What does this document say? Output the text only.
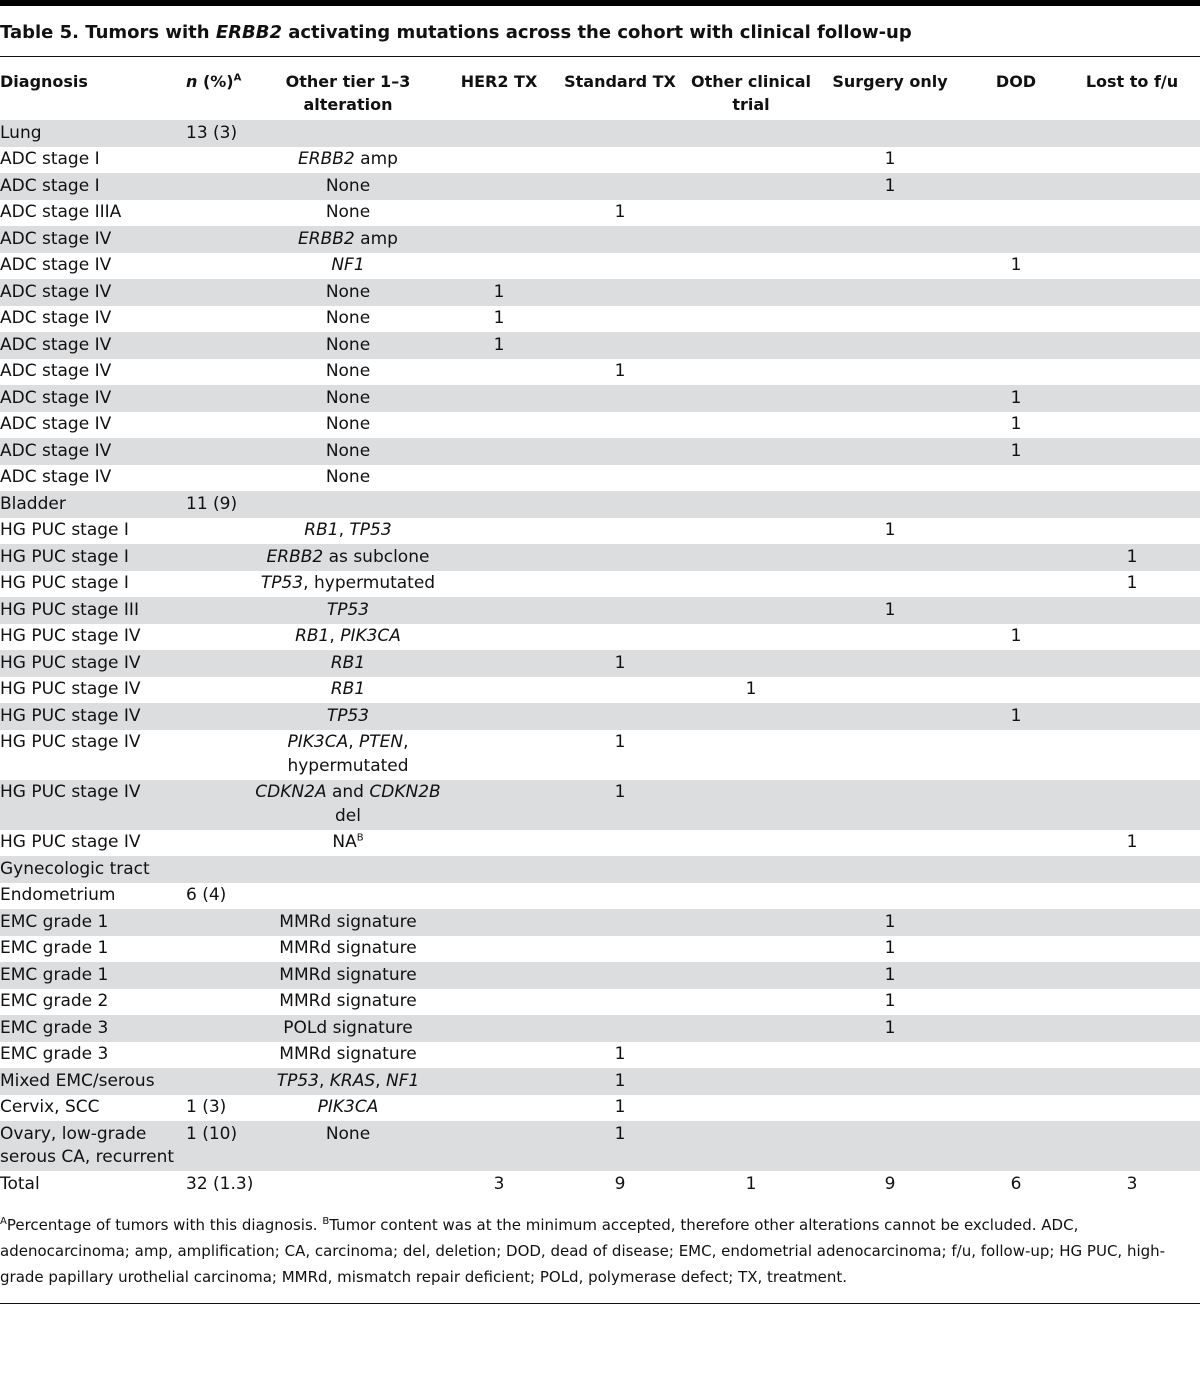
Table 5. Tumors with ERBB2 activating mutations across the cohort with clinical follow-up
Diagnosis	n (%)$^A$	Other tier 1–3 alteration	HER2 TX	Standard TX	Other clinical trial	Surgery only	DOD	Lost to f/u
Lung	13 (3)							
ADC stage I		ERBB2 amp				1		
ADC stage I		None				1		
ADC stage IIIA		None		1				
ADC stage IV		ERBB2 amp						
ADC stage IV		NF1					1	
ADC stage IV		None	1					
ADC stage IV		None	1					
ADC stage IV		None	1					
ADC stage IV		None		1				
ADC stage IV		None					1	
ADC stage IV		None					1	
ADC stage IV		None					1	
ADC stage IV		None						
Bladder	11 (9)							
HG PUC stage I		RB1, TP53				1		
HG PUC stage I		ERBB2 as subclone						1
HG PUC stage I		TP53, hypermutated						1
HG PUC stage III		TP53				1		
HG PUC stage IV		RB1, PIK3CA					1	
HG PUC stage IV		RB1		1				
HG PUC stage IV		RB1			1			
HG PUC stage IV		TP53					1	
HG PUC stage IV		PIK3CA, PTEN, hypermutated		1				
HG PUC stage IV		CDKN2A and CDKN2B del		1				
HG PUC stage IV		$NA^B$						1
Gynecologic tract								
Endometrium	6 (4)							
EMC grade 1		MMRd signature				1		
EMC grade 1		MMRd signature				1		
EMC grade 1		MMRd signature				1		
EMC grade 2		MMRd signature				1		
EMC grade 3		POLd signature				1		
EMC grade 3		MMRd signature		1				
Mixed EMC/serous		TP53, KRAS, NF1		1				
Cervix, SCC	1 (3)	PIK3CA		1				
Ovary, low-grade serous CA, recurrent	1 (10)	None		1				
Total	32 (1.3)		3	9	1	9	6	3
$^A$Percentage of tumors with this diagnosis. $^B$Tumor content was at the minimum accepted, therefore other alterations cannot be excluded. ADC, adenocarcinoma; amp, amplification; CA, carcinoma; del, deletion; DOD, dead of disease; EMC, endometrial adenocarcinoma; f/u, follow-up; HG PUC, high-grade papillary urothelial carcinoma; MMRd, mismatch repair deficient; POLd, polymerase defect; TX, treatment.
